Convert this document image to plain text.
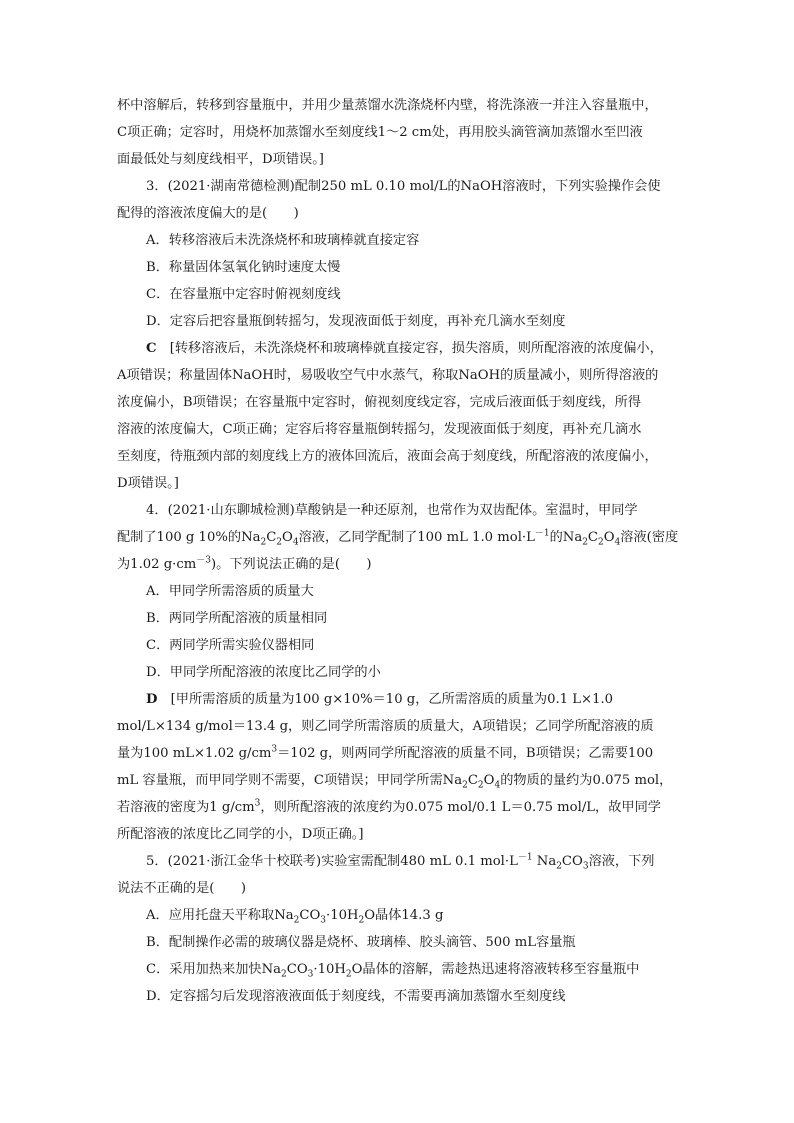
杯中溶解后，转移到容量瓶中，并用少量蒸馏水洗涤烧杯内壁，将洗涤液一并注入容量瓶中，
C项正确；定容时，用烧杯加蒸馏水至刻度线1～2 cm处，再用胶头滴管滴加蒸馏水至凹液
面最低处与刻度线相平，D项错误。]
3．(2021·湖南常德检测)配制250 mL 0.10 mol/L的NaOH溶液时，下列实验操作会使
配得的溶液浓度偏大的是(　　)
A．转移溶液后未洗涤烧杯和玻璃棒就直接定容
B．称量固体氢氧化钠时速度太慢
C．在容量瓶中定容时俯视刻度线
D．定容后把容量瓶倒转摇匀，发现液面低于刻度，再补充几滴水至刻度
C　 [转移溶液后，未洗涤烧杯和玻璃棒就直接定容，损失溶质，则所配溶液的浓度偏小，
A项错误；称量固体NaOH时，易吸收空气中水蒸气，称取NaOH的质量减小，则所得溶液的
浓度偏小，B项错误；在容量瓶中定容时，俯视刻度线定容，完成后液面低于刻度线，所得
溶液的浓度偏大，C项正确；定容后将容量瓶倒转摇匀，发现液面低于刻度，再补充几滴水
至刻度，待瓶颈内部的刻度线上方的液体回流后，液面会高于刻度线，所配溶液的浓度偏小，
D项错误。]
4．(2021·山东聊城检测)草酸钠是一种还原剂，也常作为双齿配体。室温时，甲同学
配制了100 g 10%的$Na_2C_2O_4$溶液，乙同学配制了100 mL 1.0 $mol\cdot L^{-1}$的$Na_2C_2O_4$溶液(密度
为1.02 $g\cdot cm^{-3}$)。下列说法正确的是(　　)
A．甲同学所需溶质的质量大
B．两同学所配溶液的质量相同
C．两同学所需实验仪器相同
D．甲同学所配溶液的浓度比乙同学的小
D　 [甲所需溶质的质量为100 g×10%＝10 g，乙所需溶质的质量为0.1 L×1.0
mol/L×134 g/mol＝13.4 g，则乙同学所需溶质的质量大，A项错误；乙同学所配溶液的质
量为100 mL×1.02 $g/cm^3=102$ g，则两同学所配溶液的质量不同，B项错误；乙需要100
mL 容量瓶，而甲同学则不需要，C项错误；甲同学所需$Na_2C_2O_4$的物质的量约为0.075 mol，
若溶液的密度为1 $g/cm^3$，则所配溶液的浓度约为0.075 mol/0.1 L＝0.75 mol/L，故甲同学
所配溶液的浓度比乙同学的小，D项正确。]
5．(2021·浙江金华十校联考)实验室需配制480 mL 0.1 $mol\cdot L^{-1}$ $Na_2CO_3$溶液，下列
说法不正确的是(　　)
A．应用托盘天平称取$Na_2CO_3\cdot 10H_2O$晶体14.3 g
B．配制操作必需的玻璃仪器是烧杯、玻璃棒、胶头滴管、500 mL容量瓶
C．采用加热来加快$Na_2CO_3\cdot 10H_2O$晶体的溶解，需趁热迅速将溶液转移至容量瓶中
D．定容摇匀后发现溶液液面低于刻度线，不需要再滴加蒸馏水至刻度线
